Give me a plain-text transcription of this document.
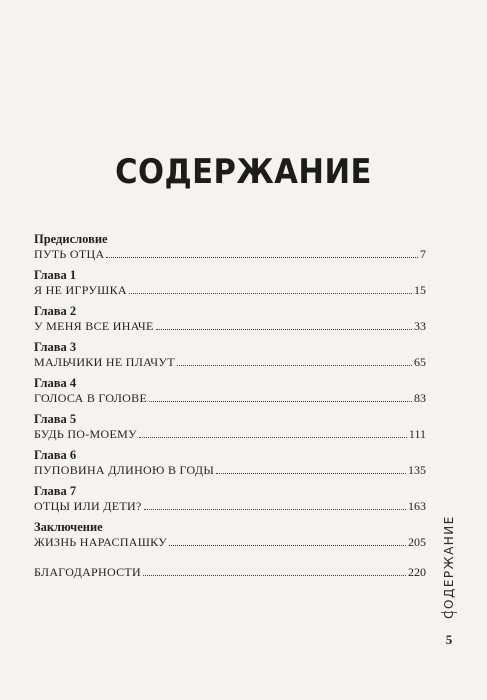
СОДЕРЖАНИЕ
Предисловие
ПУТЬ ОТЦА	7
Глава 1
Я НЕ ИГРУШКА	15
Глава 2
У МЕНЯ ВСЕ ИНАЧЕ	33
Глава 3
МАЛЬЧИКИ НЕ ПЛАЧУТ	65
Глава 4
ГОЛОСА В ГОЛОВЕ	83
Глава 5
БУДЬ ПО-МОЕМУ	111
Глава 6
ПУПОВИНА ДЛИНОЮ В ГОДЫ	135
Глава 7
ОТЦЫ ИЛИ ДЕТИ?	163
Заключение
ЖИЗНЬ НАРАСПАШКУ	205
БЛАГОДАРНОСТИ	220 СОДЕРЖАНИЕ
5
